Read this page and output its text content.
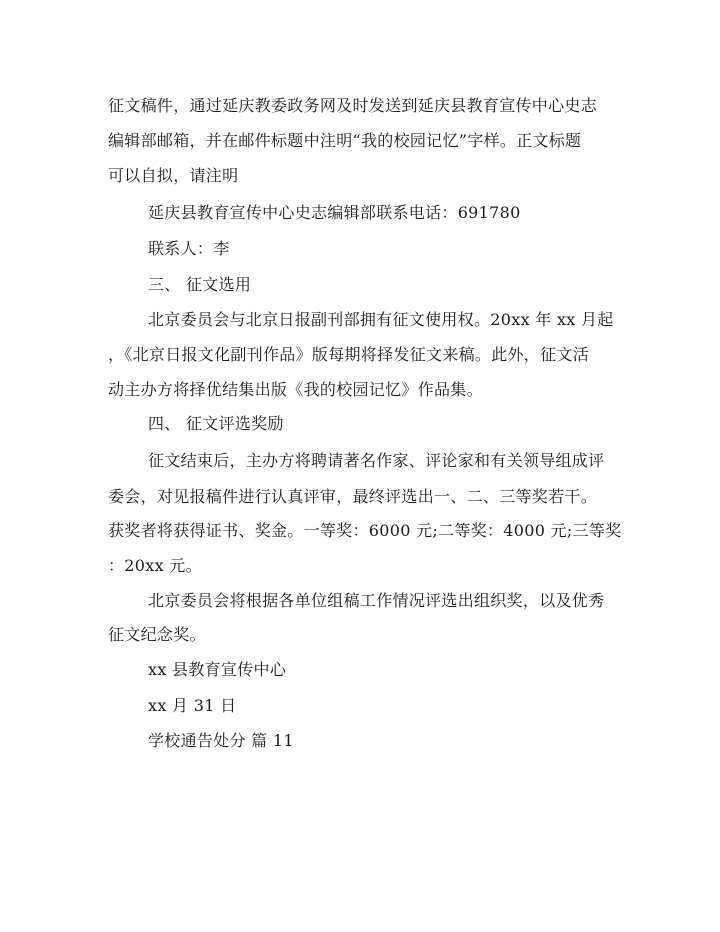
征文稿件，通过延庆教委政务网及时发送到延庆县教育宣传中心史志
编辑部邮箱，并在邮件标题中注明“我的校园记忆”字样。正文标题
可以自拟，请注明
延庆县教育宣传中心史志编辑部联系电话：691780
联系人：李
三、 征文选用
北京委员会与北京日报副刊部拥有征文使用权。20xx 年 xx 月起
，《北京日报文化副刊作品》版每期将择发征文来稿。此外，征文活
动主办方将择优结集出版《我的校园记忆》作品集。
四、 征文评选奖励
征文结束后，主办方将聘请著名作家、评论家和有关领导组成评
委会，对见报稿件进行认真评审，最终评选出一、二、三等奖若干。
获奖者将获得证书、奖金。一等奖：6000 元;二等奖：4000 元;三等奖
：20xx 元。
北京委员会将根据各单位组稿工作情况评选出组织奖，以及优秀
征文纪念奖。
xx 县教育宣传中心
xx 月 31 日
学校通告处分 篇 11
